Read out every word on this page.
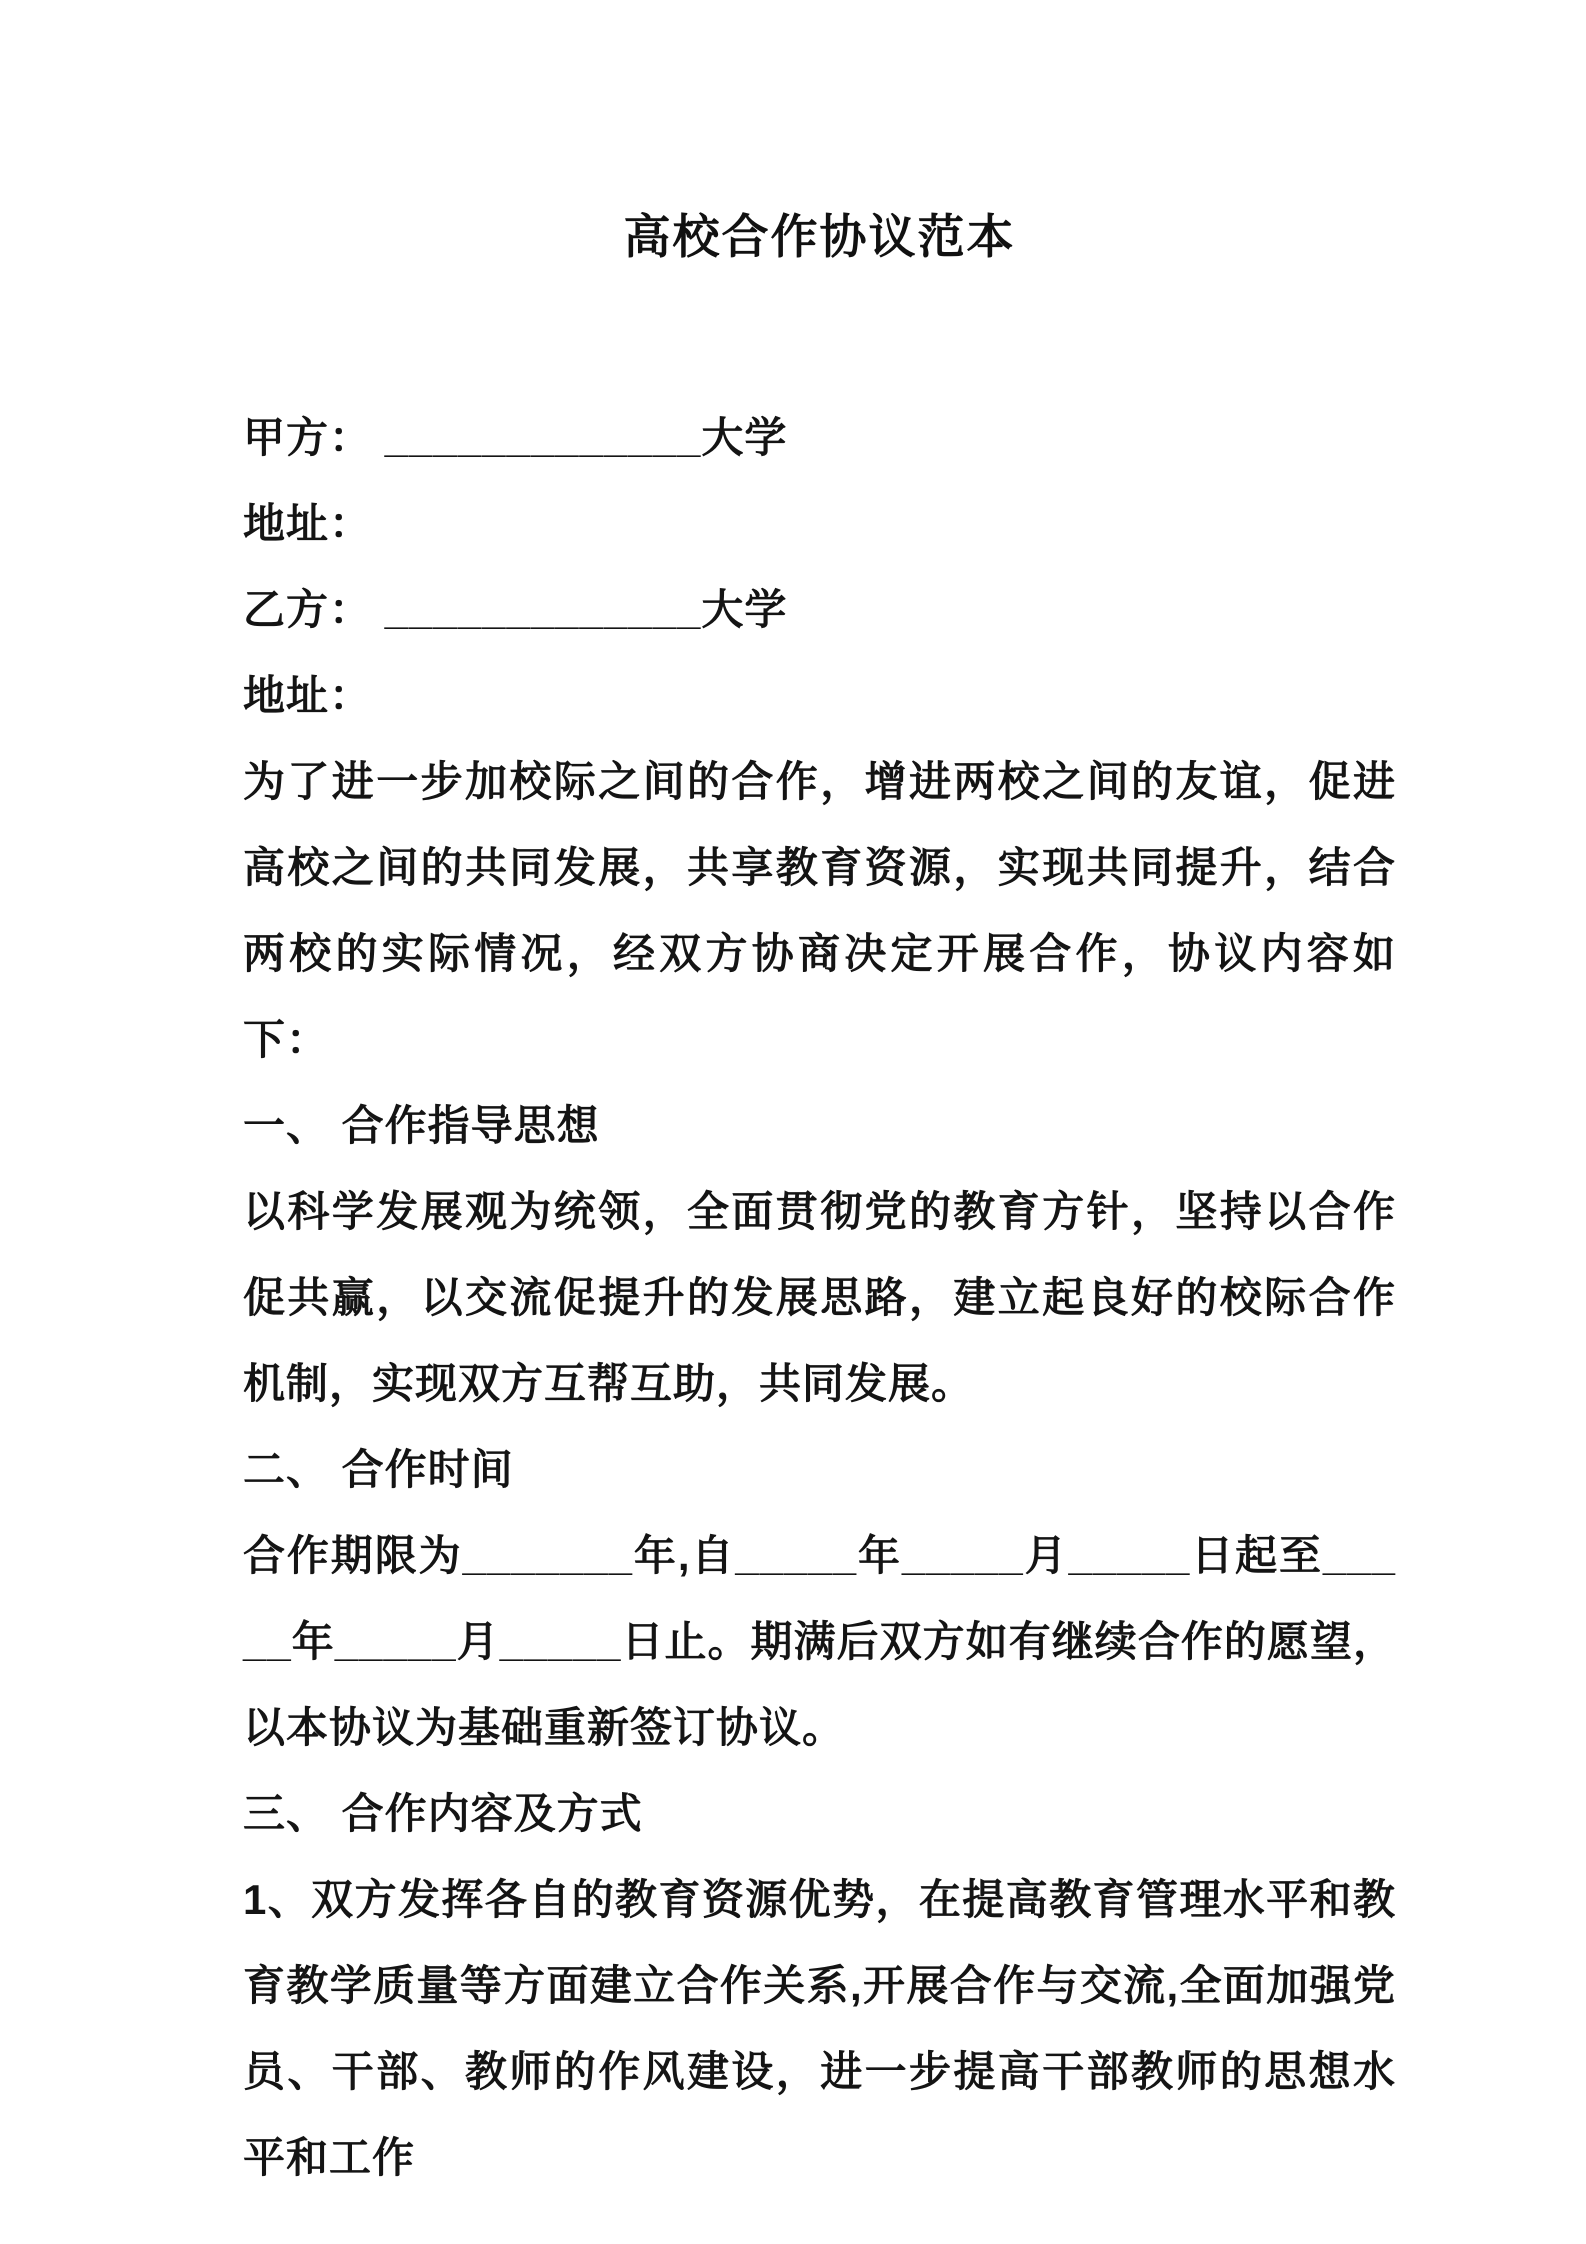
高校合作协议范本

甲方： _____________大学

地址：

乙方： _____________大学

地址：

为了进一步加校际之间的合作，增进两校之间的友谊，促进高校之间的共同发展，共享教育资源，实现共同提升，结合两校的实际情况，经双方协商决定开展合作，协议内容如下：

一、 合作指导思想

以科学发展观为统领，全面贯彻党的教育方针，坚持以合作促共赢，以交流促提升的发展思路，建立起良好的校际合作机制，实现双方互帮互助，共同发展。

二、 合作时间

合作期限为_______年,自_____年_____月_____日起至_____年_____月_____日止。期满后双方如有继续合作的愿望，以本协议为基础重新签订协议。

三、 合作内容及方式

1、双方发挥各自的教育资源优势，在提高教育管理水平和教育教学质量等方面建立合作关系,开展合作与交流,全面加强党员、干部、教师的作风建设，进一步提高干部教师的思想水平和工作
